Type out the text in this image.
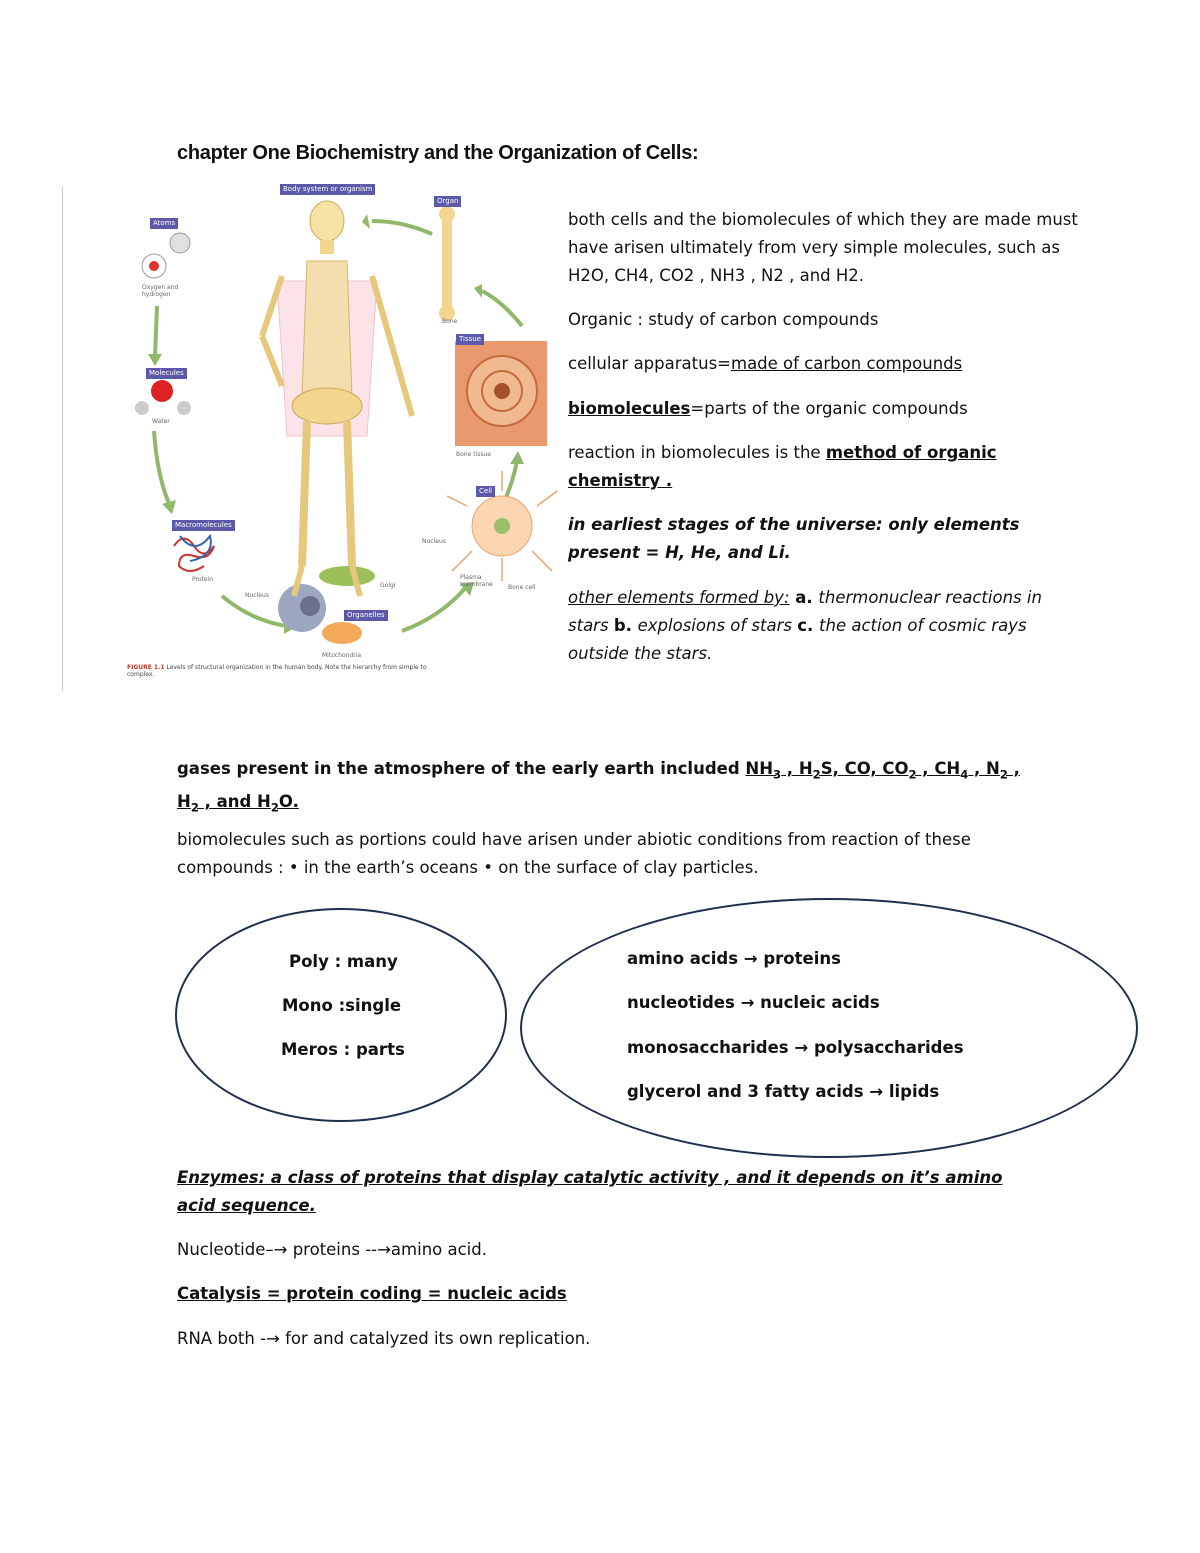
chapter One Biochemistry and the Organization of Cells:
Atoms
Molecules
Macromolecules
Organelles
Cell
Tissue
Organ
Body system or organism
Oxygen and hydrogen
Water
Protein
Nucleus
Golgi
Mitochondria
Bone
Bone tissue
Nucleus
Plasma membrane	Bone cell
FIGURE 1.1 Levels of structural organization in the human body. Note the hierarchy from simple to complex.
both cells and the biomolecules of which they are made must have arisen ultimately from very simple molecules, such as H2O, CH4, CO2 , NH3 , N2 , and H2.
Organic : study of carbon compounds
cellular apparatus=made of carbon compounds
biomolecules=parts of the organic compounds
reaction in biomolecules is the method of organic chemistry .
in earliest stages of the universe: only elements present = H, He, and Li.
other elements formed by: a. thermonuclear reactions in stars b. explosions of stars c. the action of cosmic rays outside the stars.
gases present in the atmosphere of the early earth included $NH_3$ , $H_2S$, CO, $CO_2$ , $CH_4$ , $N_2$ , $H_2$ , and $H_2O$.
biomolecules such as portions could have arisen under abiotic conditions from reaction of these compounds : • in the earth’s oceans • on the surface of clay particles.
Poly : many
Mono :single
Meros : parts
amino acids → proteins
nucleotides → nucleic acids
monosaccharides → polysaccharides
glycerol and 3 fatty acids → lipids
Enzymes: a class of proteins that display catalytic activity , and it depends on it’s amino acid sequence.
Nucleotide–→ proteins --→amino acid.
Catalysis = protein coding = nucleic acids
RNA both -→ for and catalyzed its own replication.
